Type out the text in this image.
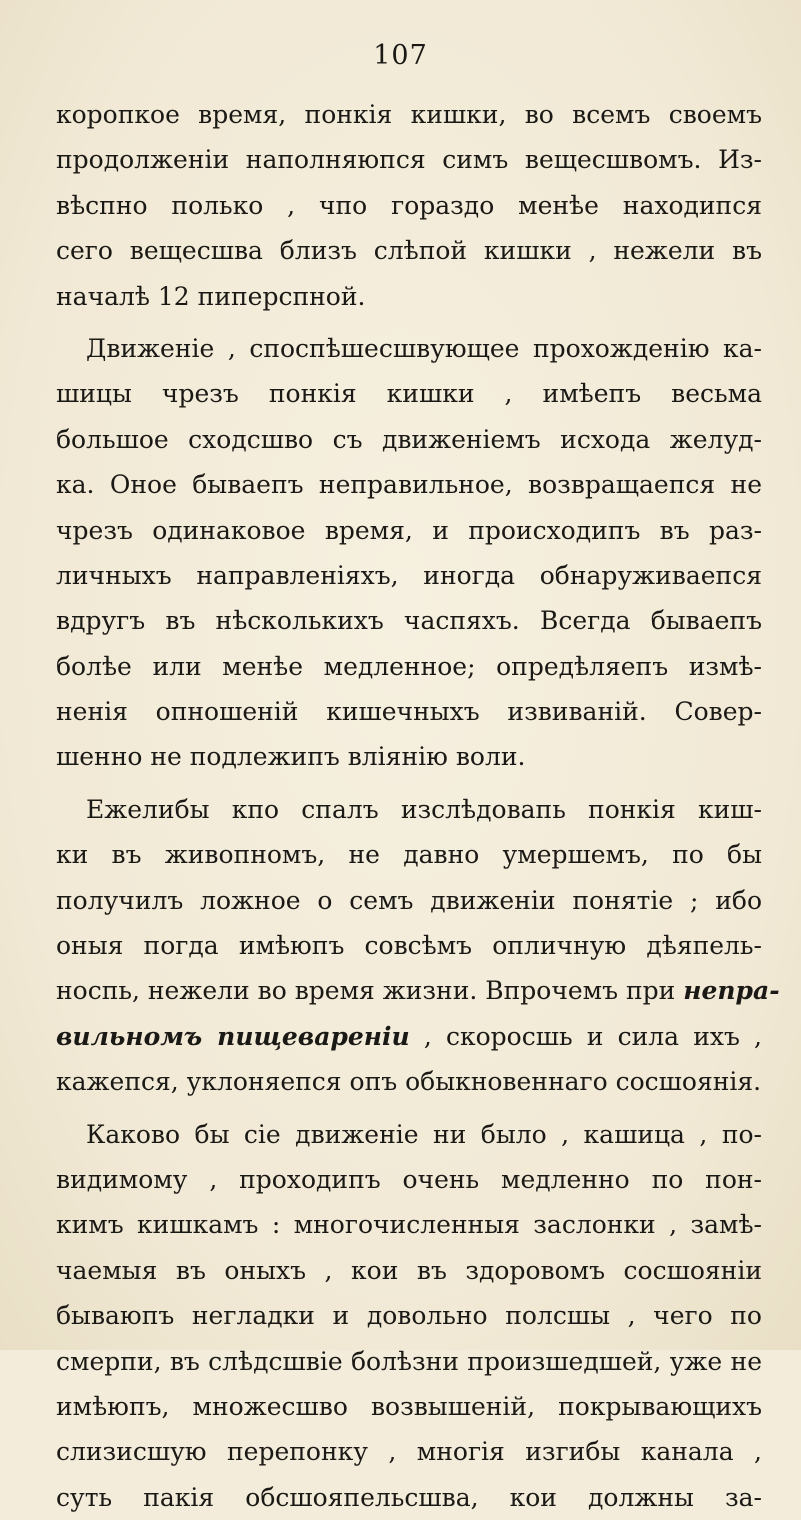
107
коропкое время, понкія кишки, во всемъ своемъ
продолженіи наполняюпся симъ вещесшвомъ. Из-
вѣспно полько , чпо гораздо менѣе находипся
сего вещесшва близъ слѣпой кишки , нежели въ
началѣ 12 пиперспной.
Движеніе , споспѣшесшвующее прохожденію ка-
шицы чрезъ понкія кишки , имѣепъ весьма
большое сходсшво съ движеніемъ исхода желуд-
ка. Оное бываепъ неправильное, возвращаепся не
чрезъ одинаковое время, и происходипъ въ раз-
личныхъ направленіяхъ, иногда обнаруживаепся
вдругъ въ нѣсколькихъ часпяхъ. Всегда бываепъ
болѣе или менѣе медленное; опредѣляепъ измѣ-
ненія опношеній кишечныхъ извиваній. Совер-
шенно не подлежипъ вліянію воли.
Ежелибы кпо спалъ изслѣдовапь понкія киш-
ки въ живопномъ, не давно умершемъ, по бы
получилъ ложное о семъ движеніи понятіе ; ибо
оныя погда имѣюпъ совсѣмъ опличную дѣяпель-
носпь, нежели во время жизни. Впрочемъ при непра-
вильномъ пищевареніи , скоросшь и сила ихъ ,
кажепся, уклоняепся опъ обыкновеннаго сосшоянія.
Каково бы сіе движеніе ни было , кашица , по-
видимому , проходипъ очень медленно по пон-
кимъ кишкамъ : многочисленныя заслонки , замѣ-
чаемыя въ оныхъ , кои въ здоровомъ сосшояніи
бываюпъ негладки и довольно полсшы , чего по
смерпи, въ слѣдсшвіе болѣзни произшедшей, уже не
имѣюпъ, множесшво возвышеній, покрывающихъ
слизисшую перепонку , многія изгибы канала ,
суть пакія обсшояпельсшва, кои должны за-
